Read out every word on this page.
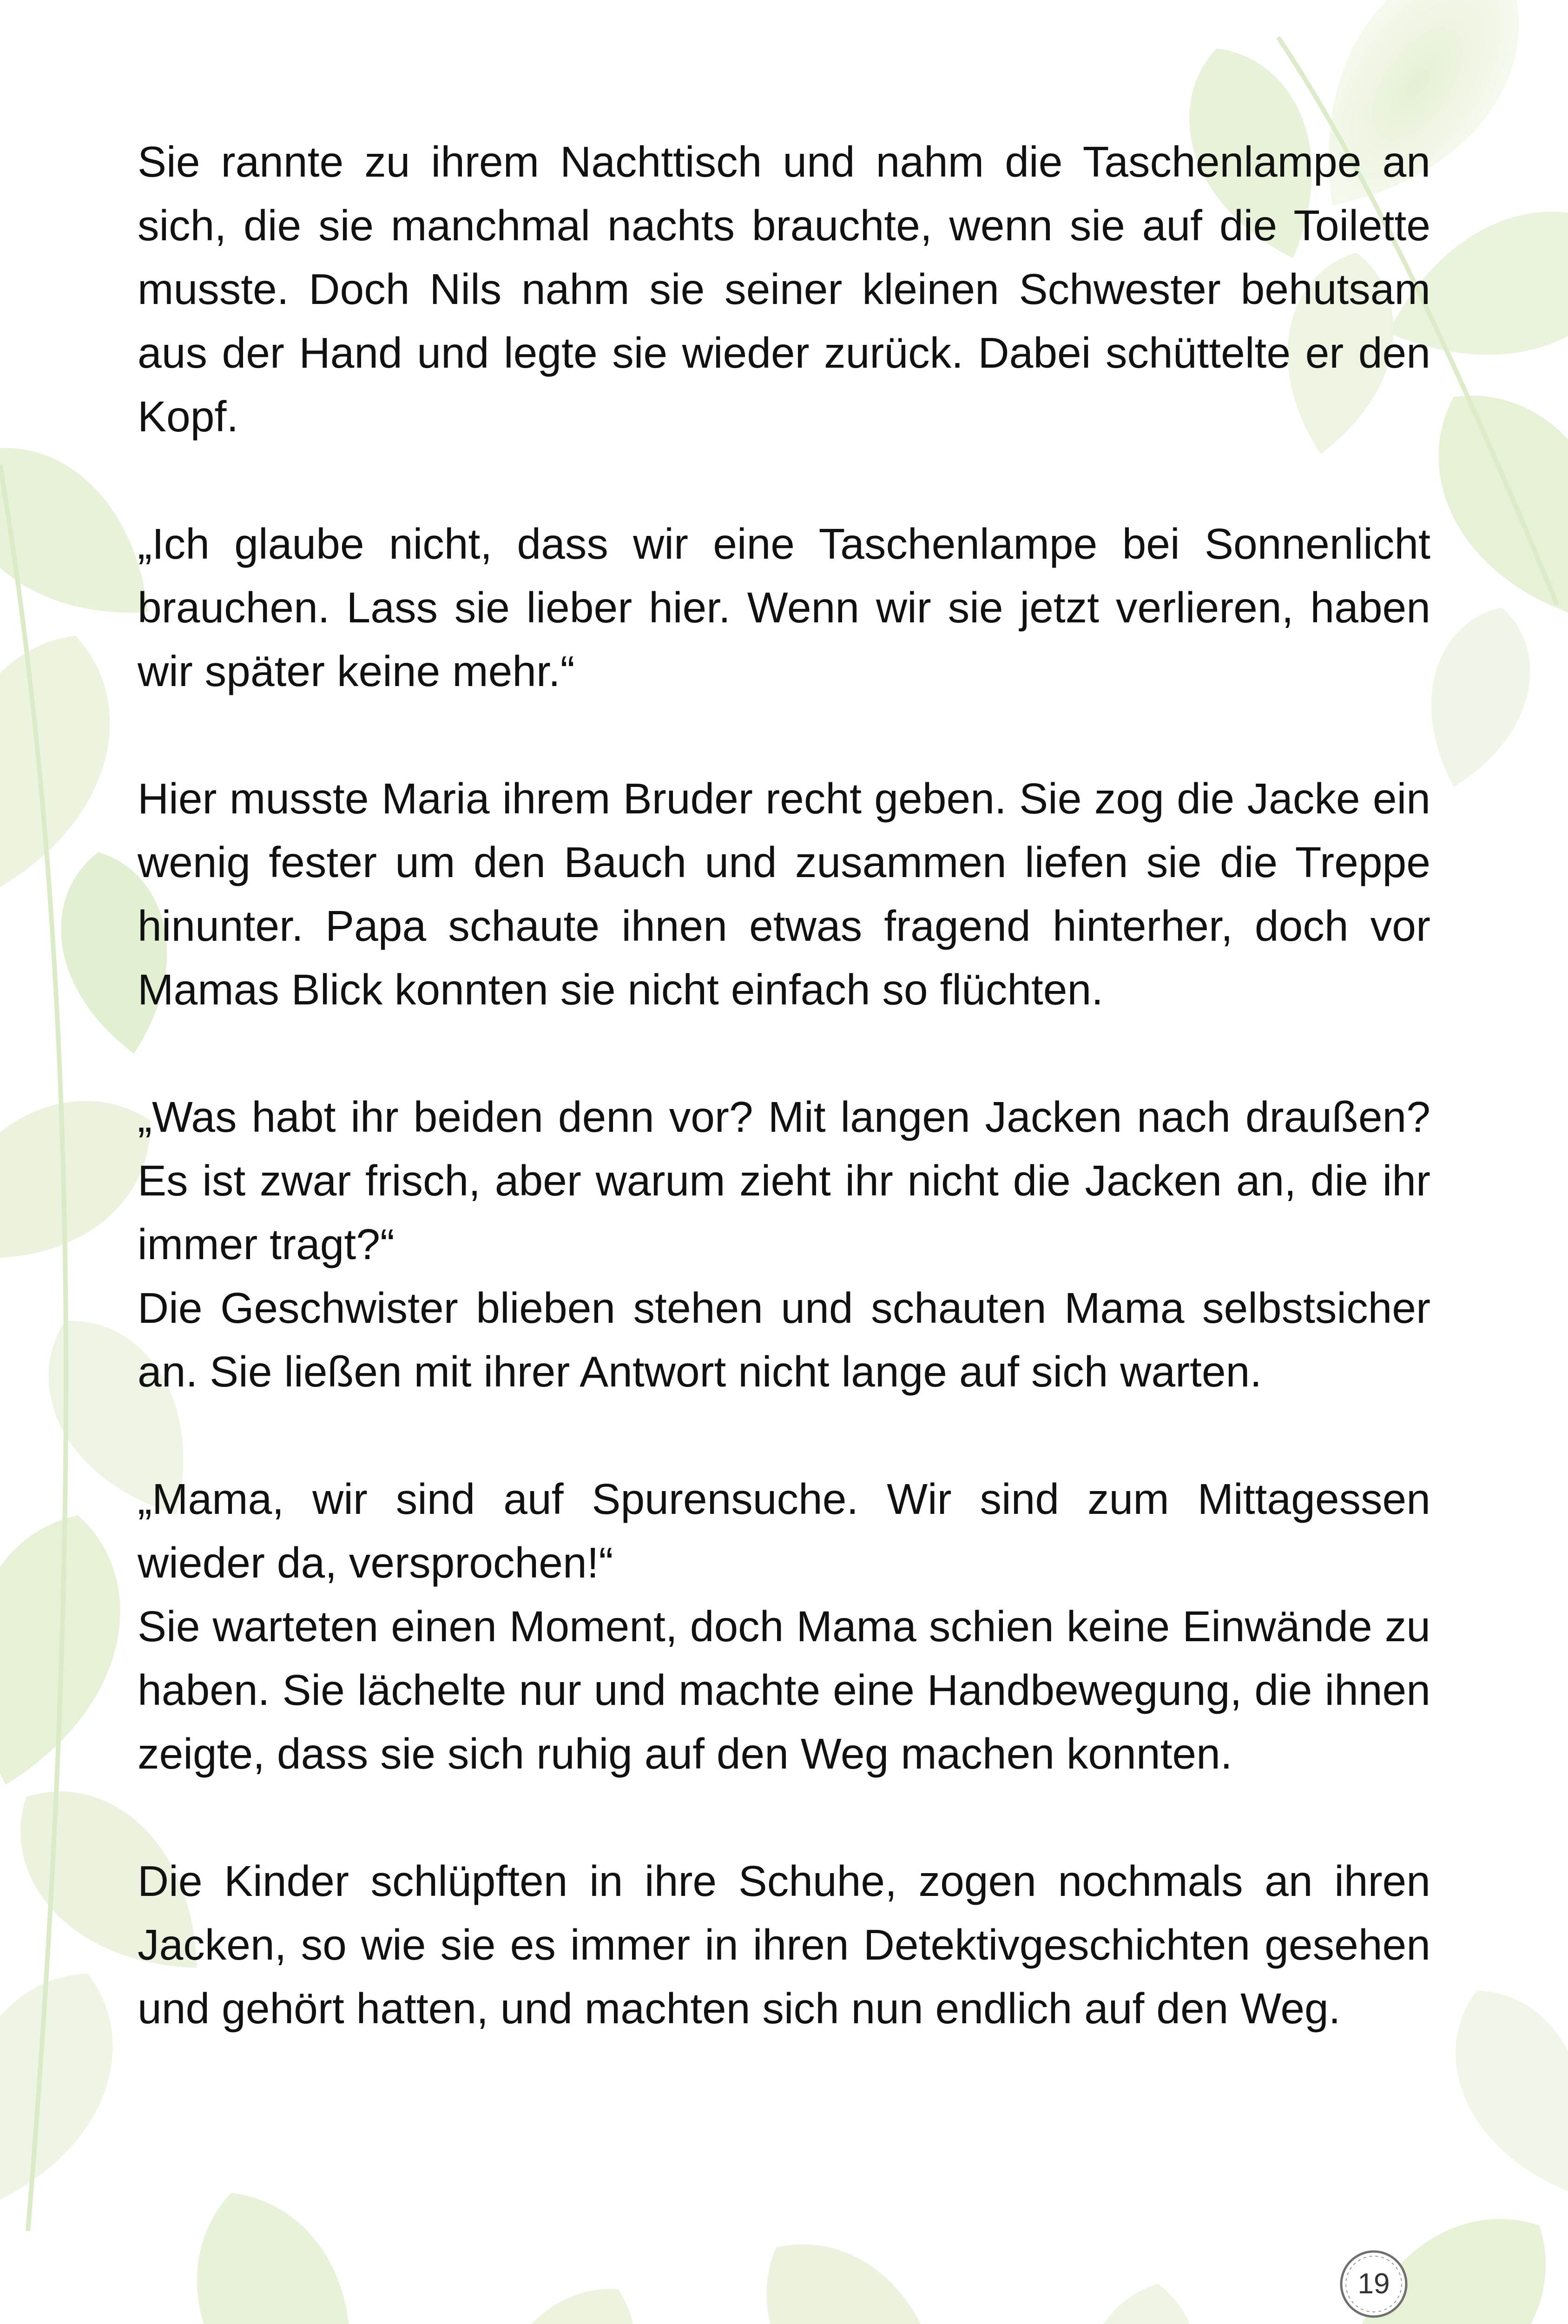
Sie rannte zu ihrem Nachttisch und nahm die Taschenlampe an sich, die sie manchmal nachts brauchte, wenn sie auf die Toilette musste. Doch Nils nahm sie seiner kleinen Schwester behutsam aus der Hand und legte sie wieder zurück. Dabei schüttelte er den Kopf.

„Ich glaube nicht, dass wir eine Taschenlampe bei Sonnenlicht brauchen. Lass sie lieber hier. Wenn wir sie jetzt verlieren, haben wir später keine mehr.“

Hier musste Maria ihrem Bruder recht geben. Sie zog die Jacke ein wenig fester um den Bauch und zusammen liefen sie die Treppe hinunter. Papa schaute ihnen etwas fragend hinterher, doch vor Mamas Blick konnten sie nicht einfach so flüchten.

„Was habt ihr beiden denn vor? Mit langen Jacken nach draußen? Es ist zwar frisch, aber warum zieht ihr nicht die Jacken an, die ihr immer tragt?“

Die Geschwister blieben stehen und schauten Mama selbstsicher an. Sie ließen mit ihrer Antwort nicht lange auf sich warten.

„Mama, wir sind auf Spurensuche. Wir sind zum Mittagessen wieder da, versprochen!“

Sie warteten einen Moment, doch Mama schien keine Einwände zu haben. Sie lächelte nur und machte eine Handbewegung, die ihnen zeigte, dass sie sich ruhig auf den Weg machen konnten.

Die Kinder schlüpften in ihre Schuhe, zogen nochmals an ihren Jacken, so wie sie es immer in ihren Detektivgeschichten gesehen und gehört hatten, und machten sich nun endlich auf den Weg.

19
